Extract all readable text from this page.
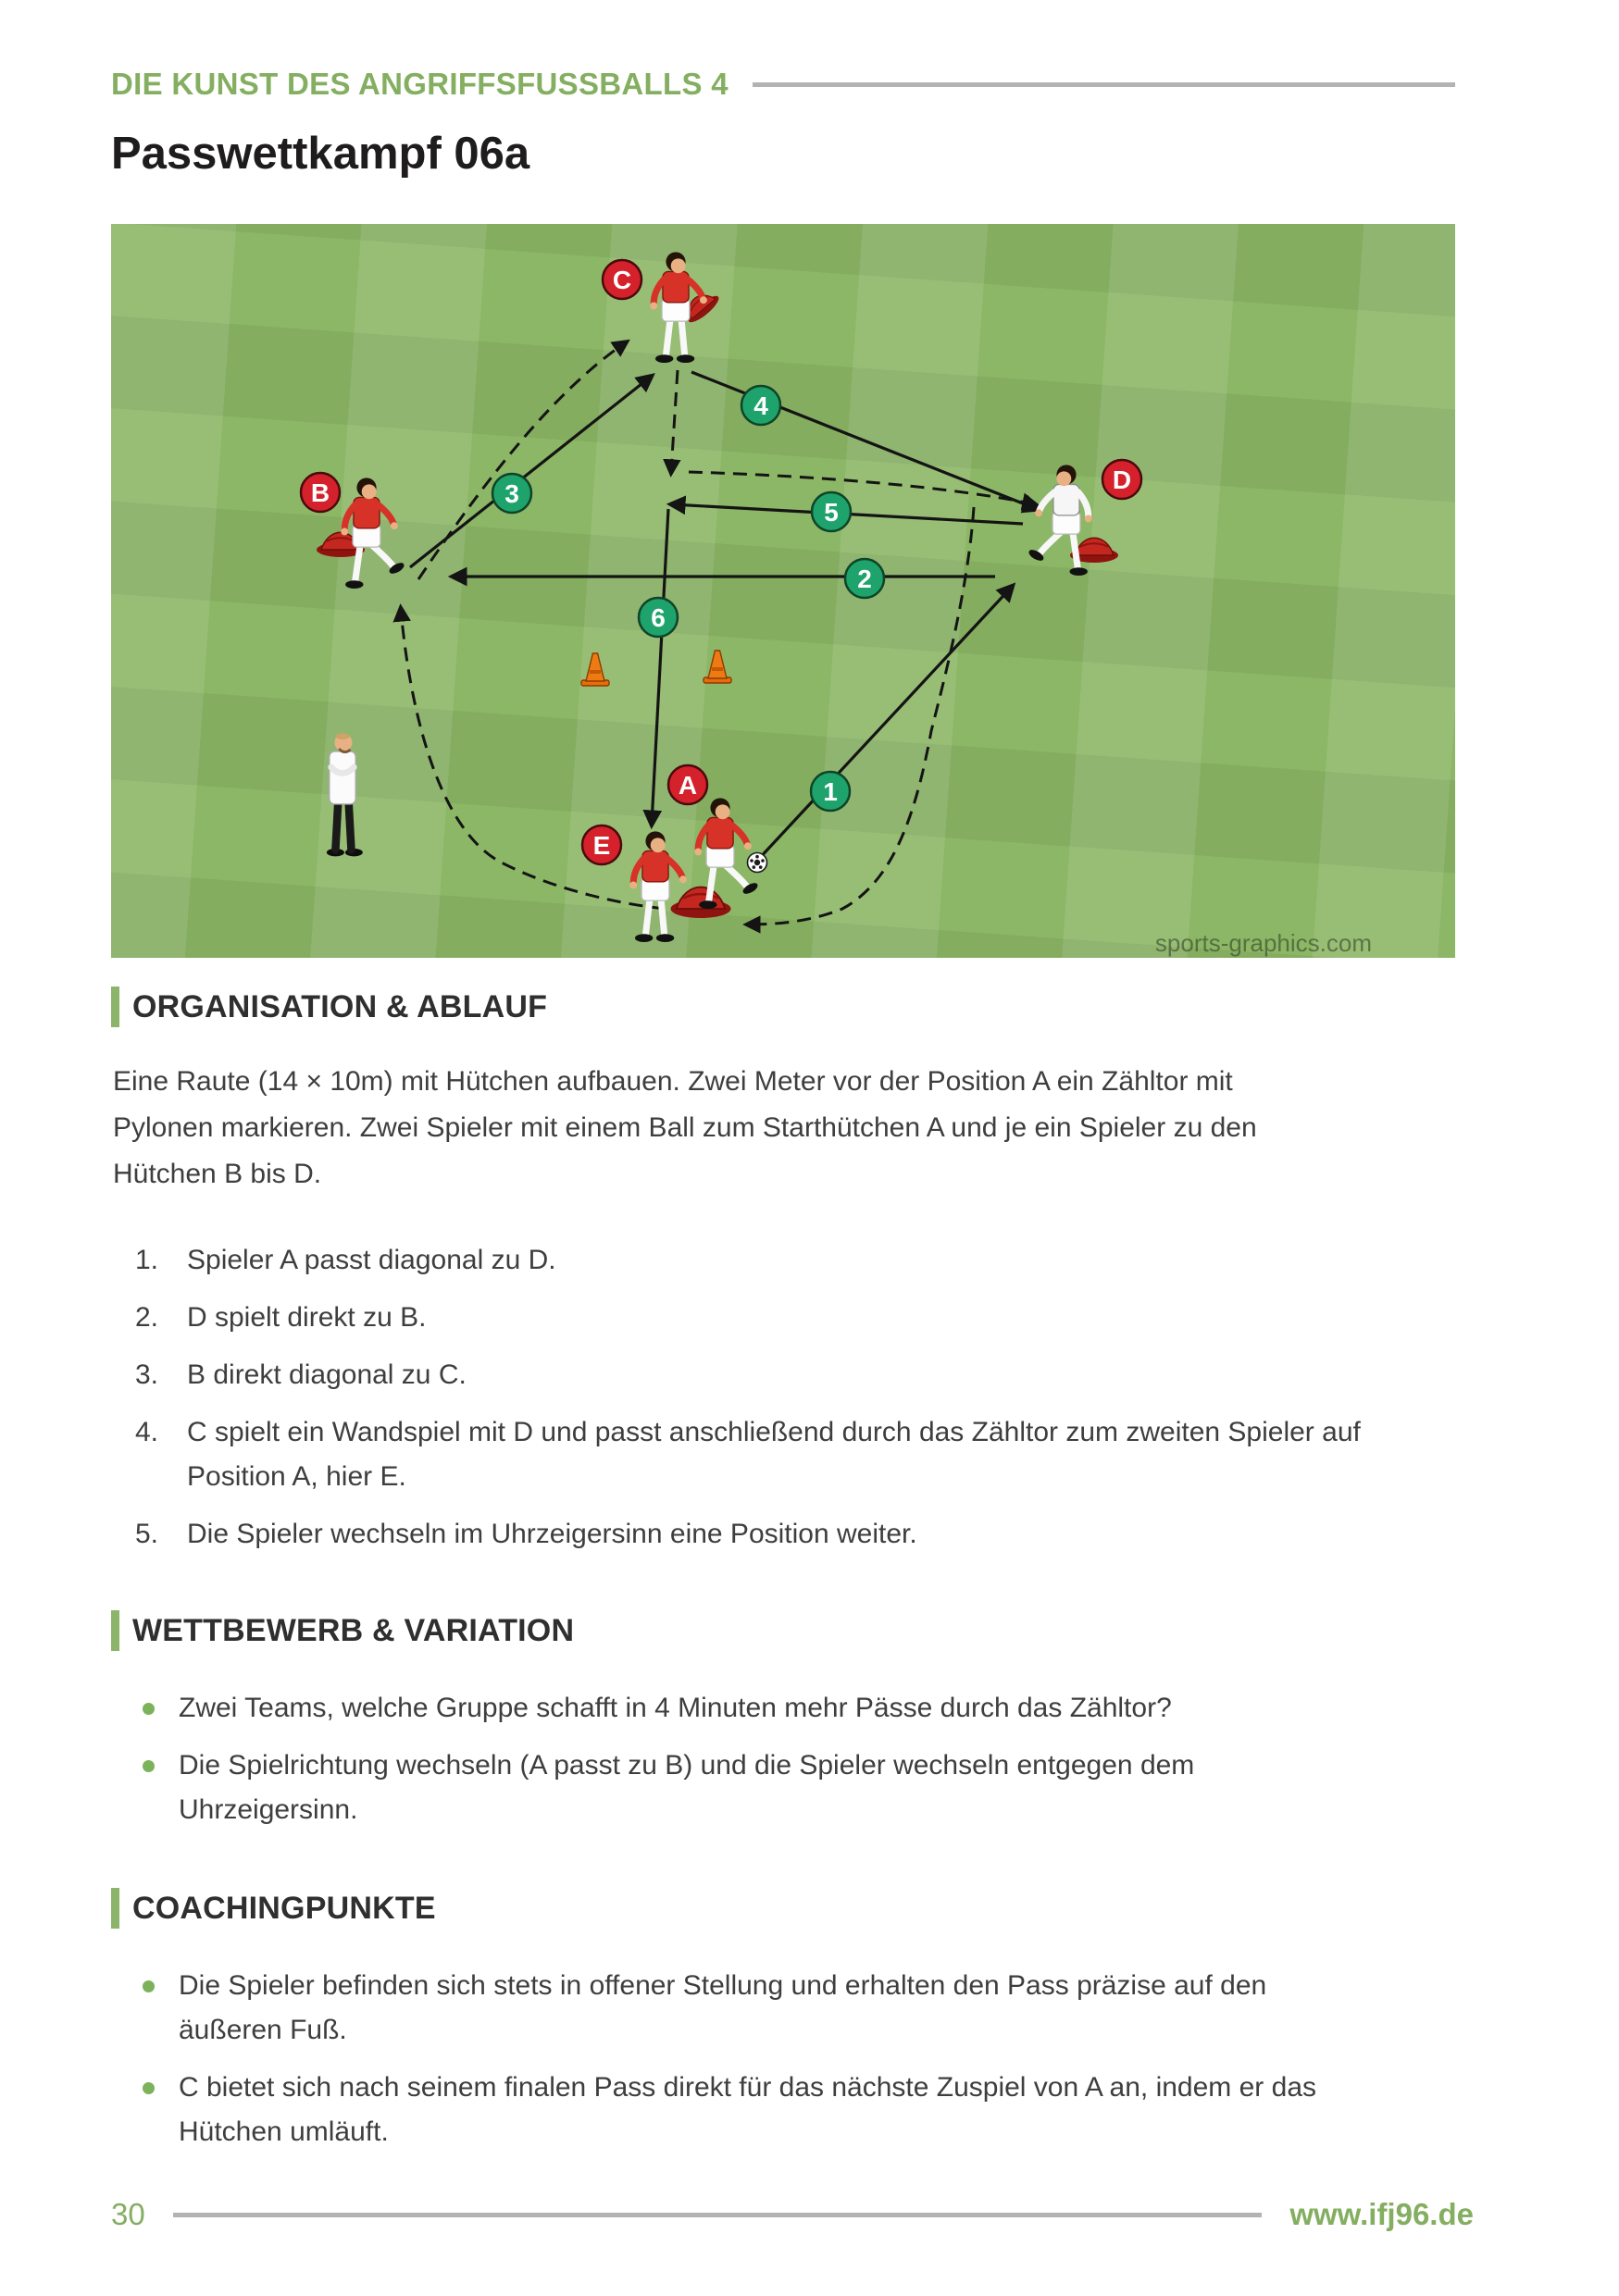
DIE KUNST DES ANGRIFFSFUSSBALLS 4
Passwettkampf 06a
A
B
C
D
E
1
2
3
4
5
6
sports-graphics.com
ORGANISATION & ABLAUF

Eine Raute (14 × 10m) mit Hütchen aufbauen. Zwei Meter vor der Position A ein Zähltor mit Pylonen markieren. Zwei Spieler mit einem Ball zum Starthütchen A und je ein Spieler zu den Hütchen B bis D.

1.	Spieler A passt diagonal zu D.
2.	D spielt direkt zu B.
3.	B direkt diagonal zu C.
4.	C spielt ein Wandspiel mit D und passt anschließend durch das Zähltor zum zweiten Spieler auf Position A, hier E.
5.	Die Spieler wechseln im Uhrzeigersinn eine Position weiter.
WETTBEWERB & VARIATION
Zwei Teams, welche Gruppe schafft in 4 Minuten mehr Pässe durch das Zähltor?
Die Spielrichtung wechseln (A passt zu B) und die Spieler wechseln entgegen dem Uhrzeigersinn.
COACHINGPUNKTE
Die Spieler befinden sich stets in offener Stellung und erhalten den Pass präzise auf den äußeren Fuß.
C bietet sich nach seinem finalen Pass direkt für das nächste Zuspiel von A an, indem er das Hütchen umläuft.
30	www.ifj96.de
